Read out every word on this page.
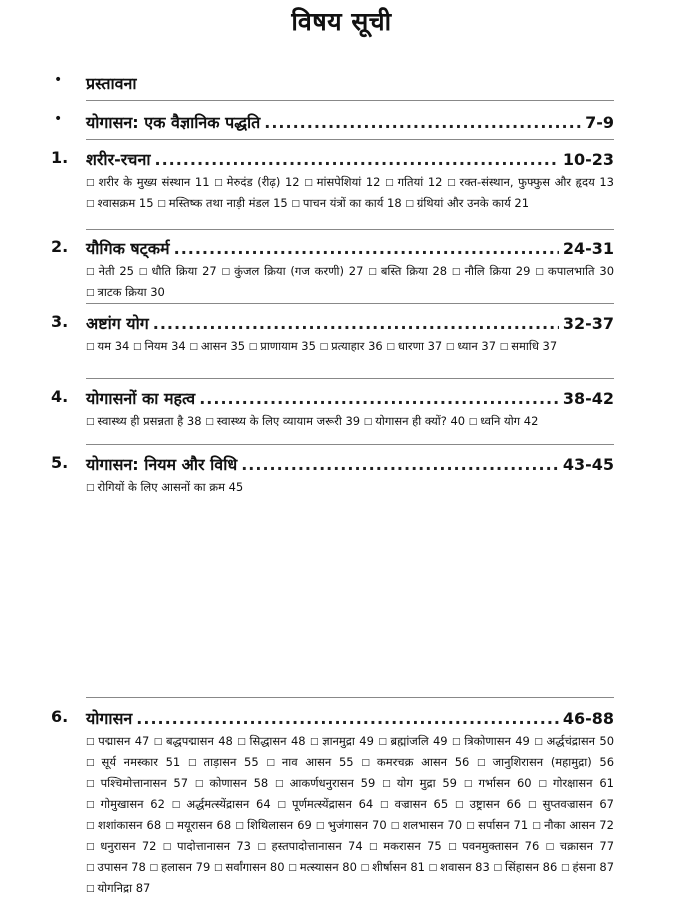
विषय सूची
• प्रस्तावना
• योगासन: एक वैज्ञानिक पद्धति .....	7-9
1. शरीर-रचना .....	10-23
□ शरीर के मुख्य संस्थान 11 □ मेरुदंड (रीढ़) 12 □ मांसपेशियां 12 □ गतियां 12 □ रक्त-संस्थान, फुफ्फुस और हृदय 13 □ श्वासक्रम 15 □ मस्तिष्क तथा नाड़ी मंडल 15 □ पाचन यंत्रों का कार्य 18 □ ग्रंथियां और उनके कार्य 21
2. यौगिक षट्कर्म .....	24-31
□ नेती 25 □ धौति क्रिया 27 □ कुंजल क्रिया (गज करणी) 27 □ बस्ति क्रिया 28 □ नौलि क्रिया 29 □ कपालभाति 30 □ त्राटक क्रिया 30
3. अष्टांग योग .....	32-37
□ यम 34 □ नियम 34 □ आसन 35 □ प्राणायाम 35 □ प्रत्याहार 36 □ धारणा 37 □ ध्यान 37 □ समाधि 37
4. योगासनों का महत्व .....	38-42
□ स्वास्थ्य ही प्रसन्नता है 38 □ स्वास्थ्य के लिए व्यायाम जरूरी 39 □ योगासन ही क्यों? 40 □ ध्वनि योग 42
5. योगासन: नियम और विधि .....	43-45
□ रोगियों के लिए आसनों का क्रम 45
6. योगासन .....	46-88
□ पद्मासन 47 □ बद्धपद्मासन 48 □ सिद्धासन 48 □ ज्ञानमुद्रा 49 □ ब्रह्मांजलि 49 □ त्रिकोणासन 49 □ अर्द्धचंद्रासन 50 □ सूर्य नमस्कार 51 □ ताड़ासन 55 □ नाव आसन 55 □ कमरचक्र आसन 56 □ जानुशिरासन (महामुद्रा) 56 □ पश्चिमोत्तानासन 57 □ कोणासन 58 □ आकर्णधनुरासन 59 □ योग मुद्रा 59 □ गर्भासन 60 □ गोरक्षासन 61 □ गोमुखासन 62 □ अर्द्धमत्स्येंद्रासन 64 □ पूर्णमत्स्येंद्रासन 64 □ वज्रासन 65 □ उष्ट्रासन 66 □ सुप्तवज्रासन 67 □ शशांकासन 68 □ मयूरासन 68 □ शिथिलासन 69 □ भुजंगासन 70 □ शलभासन 70 □ सर्पासन 71 □ नौका आसन 72 □ धनुरासन 72 □ पादोत्तानासन 73 □ हस्तपादोत्तानासन 74 □ मकरासन 75 □ पवनमुक्तासन 76 □ चक्रासन 77 □ उपासन 78 □ हलासन 79 □ सर्वांगासन 80 □ मत्स्यासन 80 □ शीर्षासन 81 □ शवासन 83 □ सिंहासन 86 □ हंसना 87 □ योगनिद्रा 87
